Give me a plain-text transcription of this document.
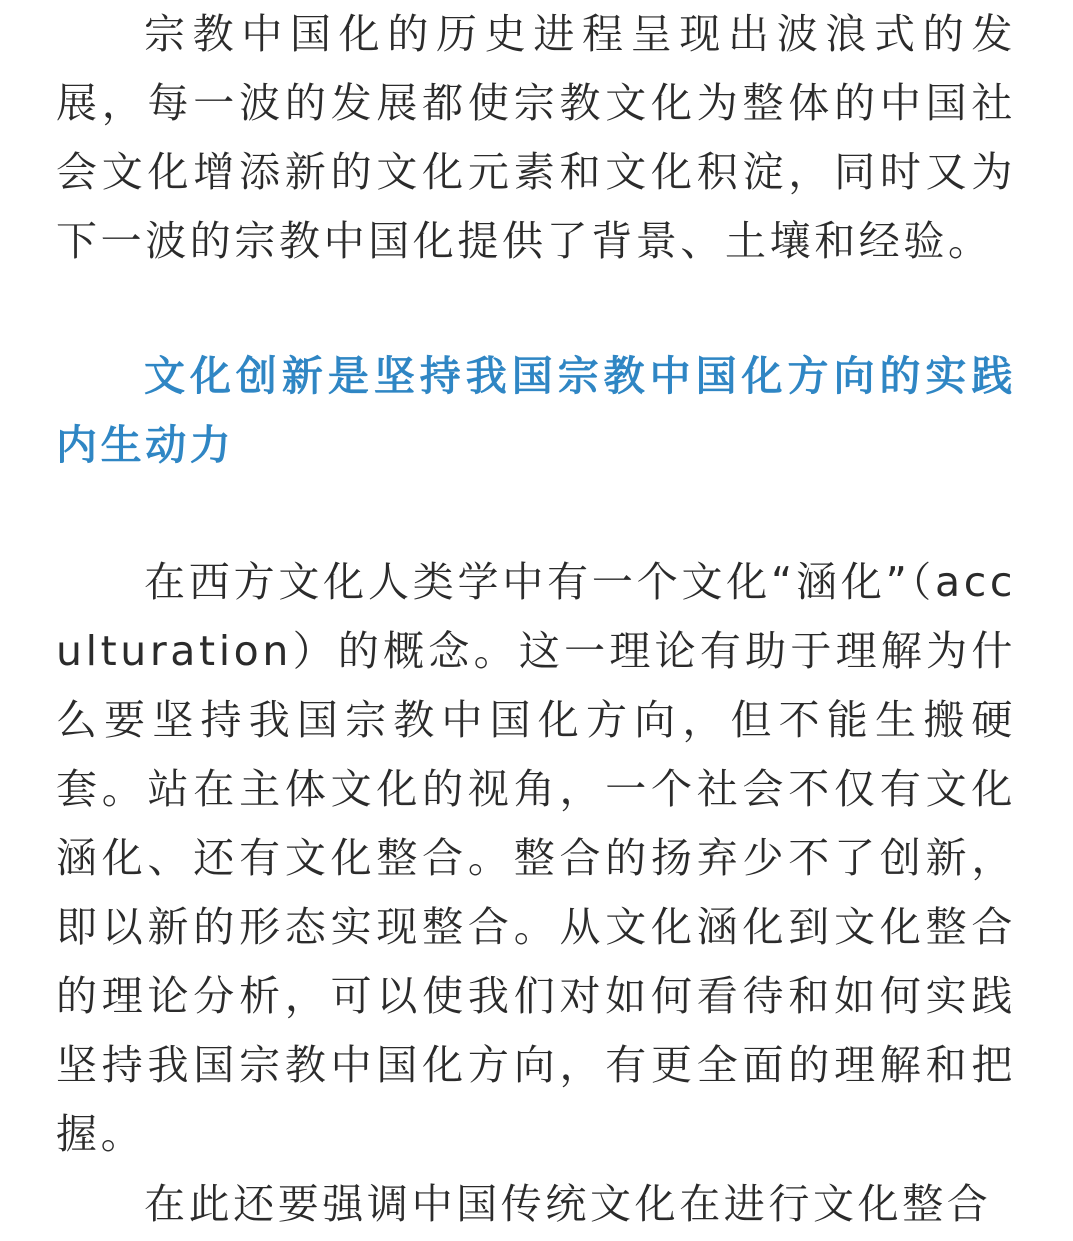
宗教中国化的历史进程呈现出波浪式的发展，每一波的发展都使宗教文化为整体的中国社会文化增添新的文化元素和文化积淀，同时又为下一波的宗教中国化提供了背景、土壤和经验。

文化创新是坚持我国宗教中国化方向的实践内生动力

在西方文化人类学中有一个文化“涵化”（acculturation）的概念。这一理论有助于理解为什么要坚持我国宗教中国化方向，但不能生搬硬套。站在主体文化的视角，一个社会不仅有文化涵化、还有文化整合。整合的扬弃少不了创新，即以新的形态实现整合。从文化涵化到文化整合的理论分析，可以使我们对如何看待和如何实践坚持我国宗教中国化方向，有更全面的理解和把握。

在此还要强调中国传统文化在进行文化整合
